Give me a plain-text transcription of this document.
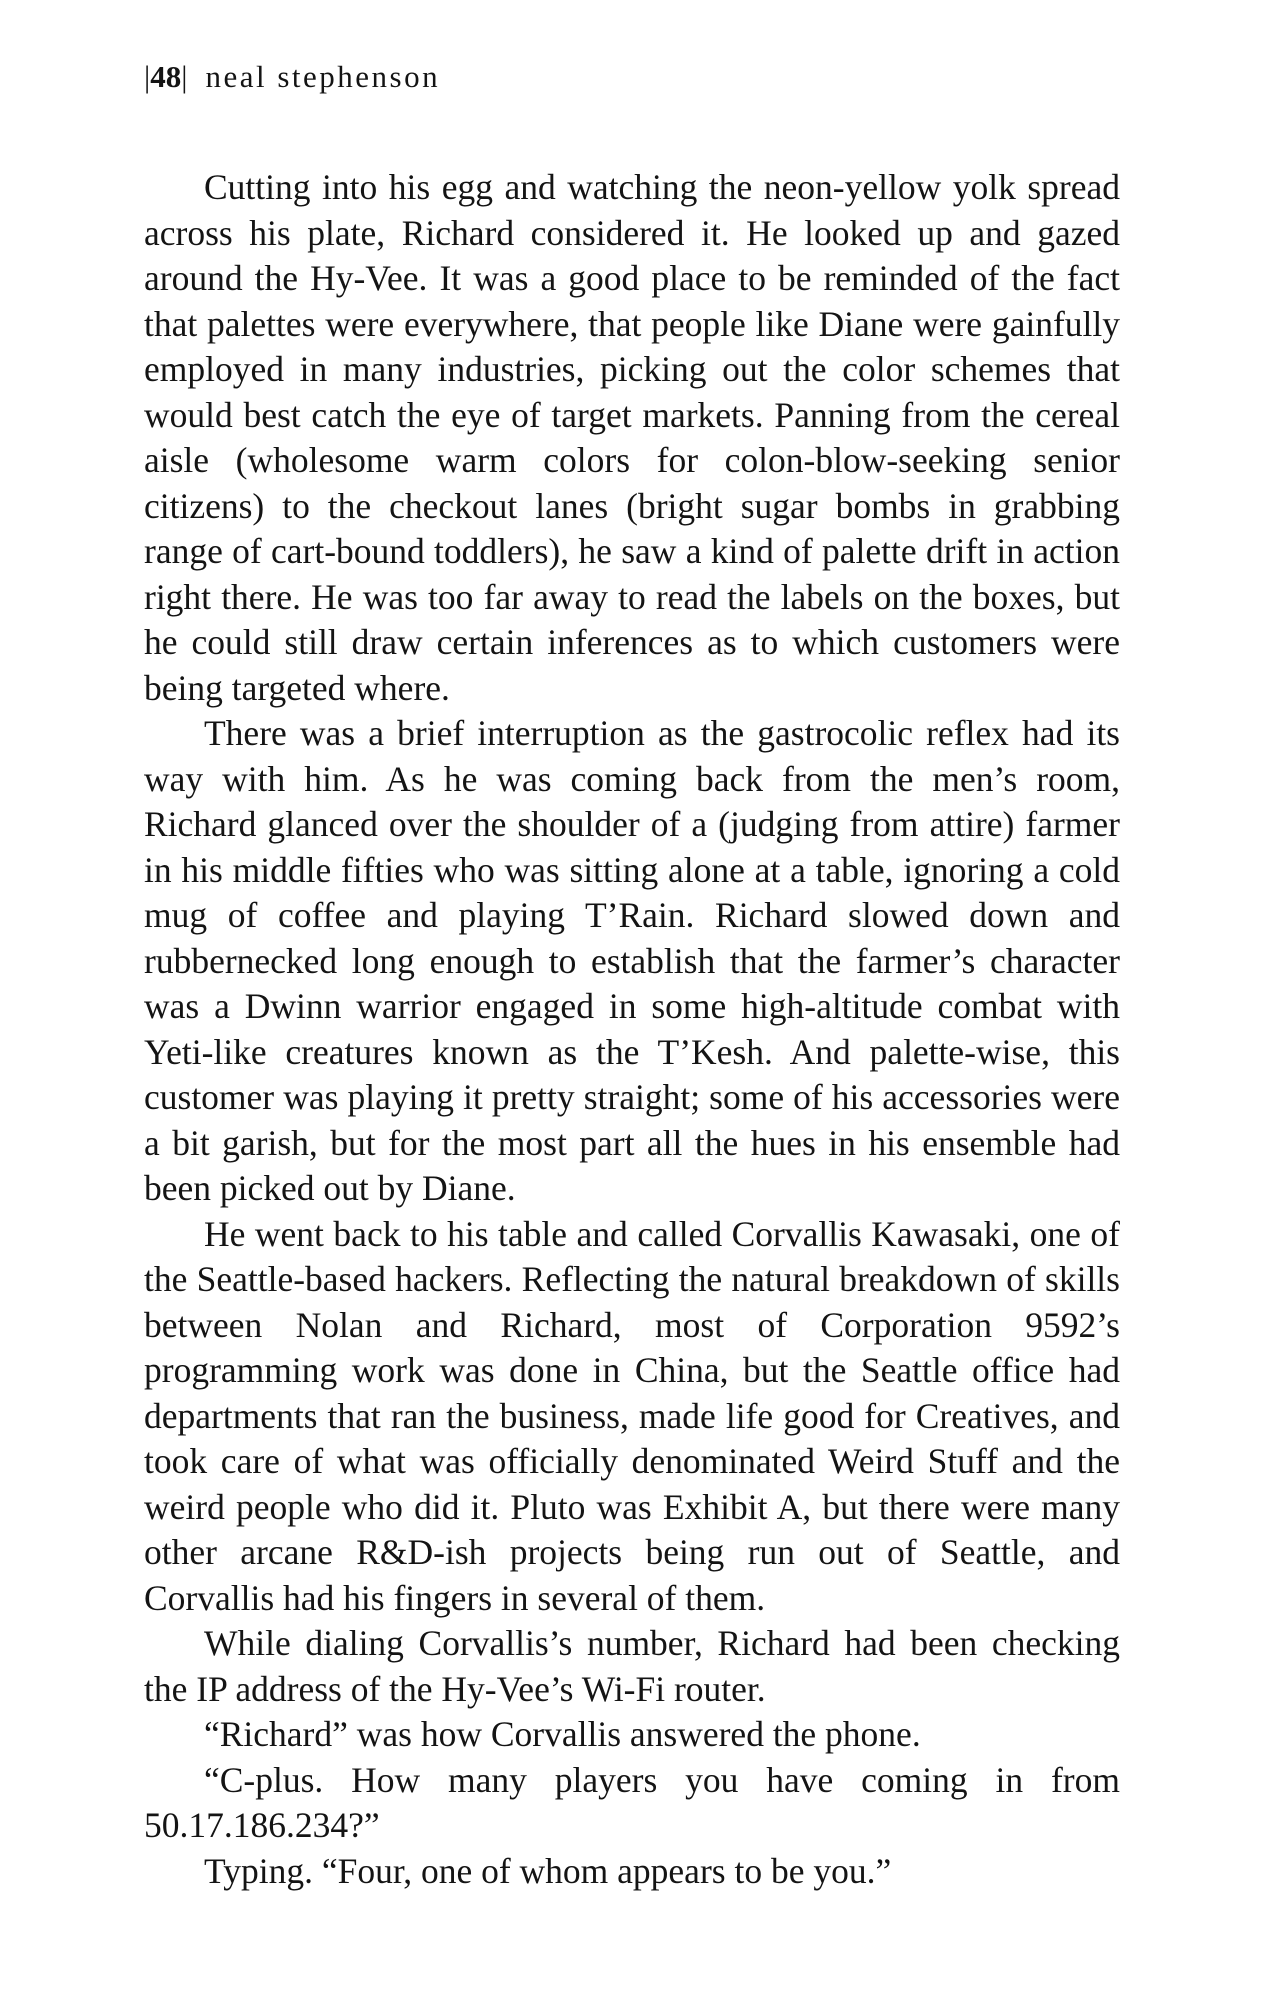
|48| neal stephenson

Cutting into his egg and watching the neon-yellow yolk spread across his plate, Richard considered it. He looked up and gazed around the Hy-Vee. It was a good place to be reminded of the fact that palettes were everywhere, that people like Diane were gainfully employed in many industries, picking out the color schemes that would best catch the eye of target markets. Panning from the cereal aisle (wholesome warm colors for colon-blow-seeking senior citizens) to the checkout lanes (bright sugar bombs in grabbing range of cart-bound toddlers), he saw a kind of palette drift in action right there. He was too far away to read the labels on the boxes, but he could still draw certain inferences as to which customers were being targeted where.

There was a brief interruption as the gastrocolic reflex had its way with him. As he was coming back from the men’s room, Richard glanced over the shoulder of a (judging from attire) farmer in his middle fifties who was sitting alone at a table, ignoring a cold mug of coffee and playing T’Rain. Richard slowed down and rubbernecked long enough to establish that the farmer’s character was a Dwinn warrior engaged in some high-altitude combat with Yeti-like creatures known as the T’Kesh. And palette-wise, this customer was playing it pretty straight; some of his accessories were a bit garish, but for the most part all the hues in his ensemble had been picked out by Diane.

He went back to his table and called Corvallis Kawasaki, one of the Seattle-based hackers. Reflecting the natural breakdown of skills between Nolan and Richard, most of Corporation 9592’s programming work was done in China, but the Seattle office had departments that ran the business, made life good for Creatives, and took care of what was officially denominated Weird Stuff and the weird people who did it. Pluto was Exhibit A, but there were many other arcane R&D-ish projects being run out of Seattle, and Corvallis had his fingers in several of them.

While dialing Corvallis’s number, Richard had been checking the IP address of the Hy-Vee’s Wi-Fi router.

“Richard” was how Corvallis answered the phone.

“C-plus. How many players you have coming in from 50.17.186.234?”

Typing. “Four, one of whom appears to be you.”
